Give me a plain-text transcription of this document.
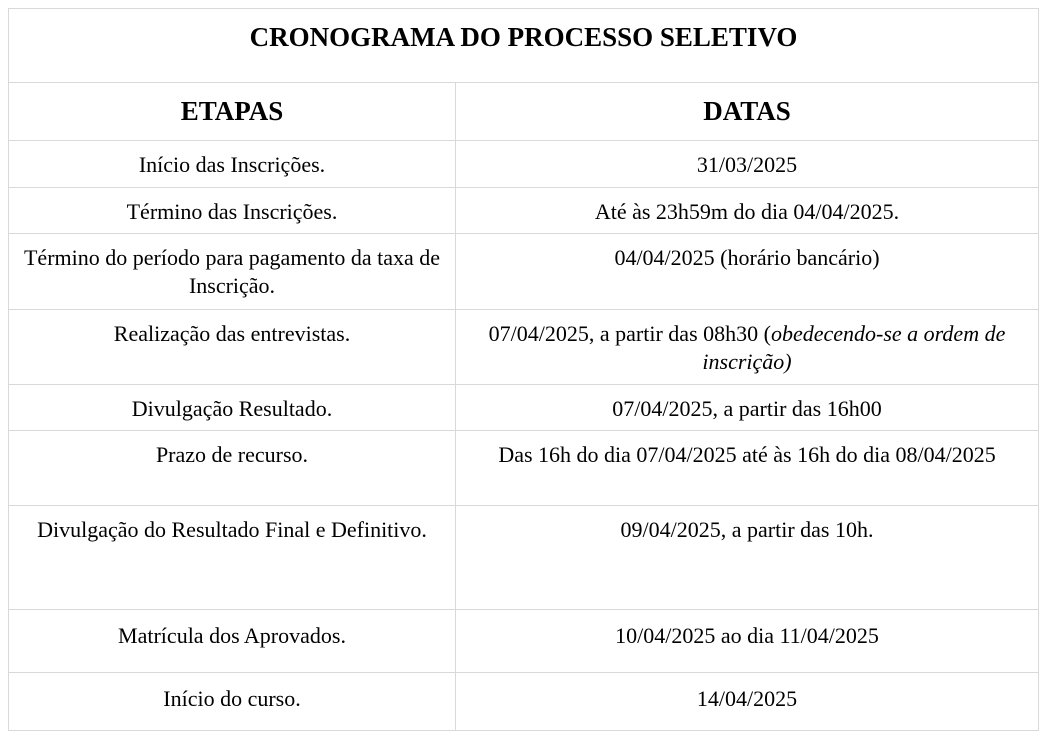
CRONOGRAMA DO PROCESSO SELETIVO	
ETAPAS	DATAS
Início das Inscrições.	31/03/2025
Término das Inscrições.	Até às 23h59m do dia 04/04/2025.
Término do período para pagamento da taxa de Inscrição.	04/04/2025 (horário bancário)
Realização das entrevistas.	07/04/2025, a partir das 08h30 (obedecendo-se a ordem de inscrição)
Divulgação Resultado.	07/04/2025, a partir das 16h00
Prazo de recurso.	Das 16h do dia 07/04/2025 até às 16h do dia 08/04/2025
Divulgação do Resultado Final e Definitivo.	09/04/2025, a partir das 10h.
Matrícula dos Aprovados.	10/04/2025 ao dia 11/04/2025
Início do curso.	14/04/2025
